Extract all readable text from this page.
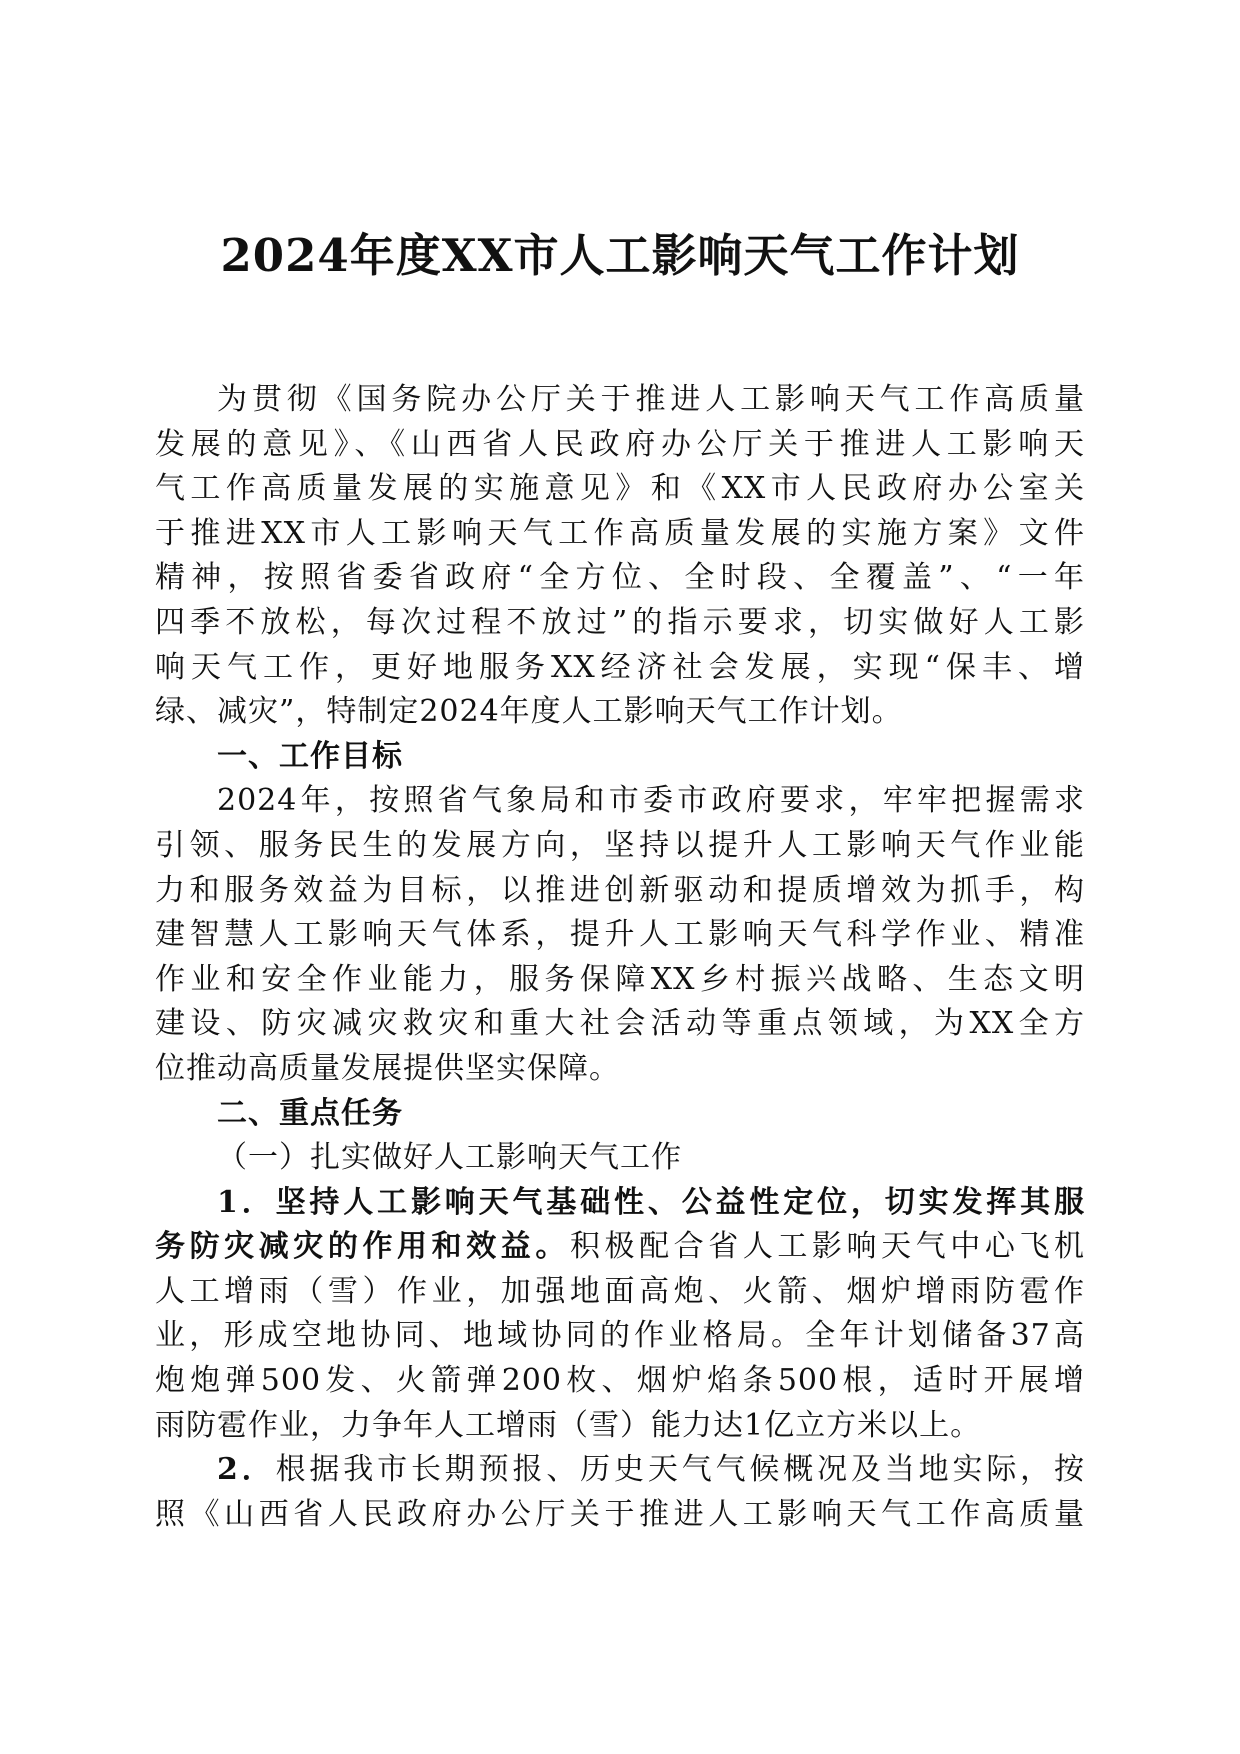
2024年度XX市人工影响天气工作计划
为贯彻《国务院办公厅关于推进人工影响天气工作高质量
发展的意见》、《山西省人民政府办公厅关于推进人工影响天
气工作高质量发展的实施意见》和《XX市人民政府办公室关
于推进XX市人工影响天气工作高质量发展的实施方案》文件
精神，按照省委省政府“全方位、全时段、全覆盖”、“一年
四季不放松，每次过程不放过”的指示要求，切实做好人工影
响天气工作，更好地服务XX经济社会发展，实现“保丰、增
绿、减灾”，特制定2024年度人工影响天气工作计划。
一、工作目标
2024年，按照省气象局和市委市政府要求，牢牢把握需求
引领、服务民生的发展方向，坚持以提升人工影响天气作业能
力和服务效益为目标，以推进创新驱动和提质增效为抓手，构
建智慧人工影响天气体系，提升人工影响天气科学作业、精准
作业和安全作业能力，服务保障XX乡村振兴战略、生态文明
建设、防灾减灾救灾和重大社会活动等重点领域，为XX全方
位推动高质量发展提供坚实保障。
二、重点任务
（一）扎实做好人工影响天气工作
1．坚持人工影响天气基础性、公益性定位，切实发挥其服
务防灾减灾的作用和效益。积极配合省人工影响天气中心飞机
人工增雨（雪）作业，加强地面高炮、火箭、烟炉增雨防雹作
业，形成空地协同、地域协同的作业格局。全年计划储备37高
炮炮弹500发、火箭弹200枚、烟炉焰条500根，适时开展增
雨防雹作业，力争年人工增雨（雪）能力达1亿立方米以上。
2．根据我市长期预报、历史天气气候概况及当地实际，按
照《山西省人民政府办公厅关于推进人工影响天气工作高质量
